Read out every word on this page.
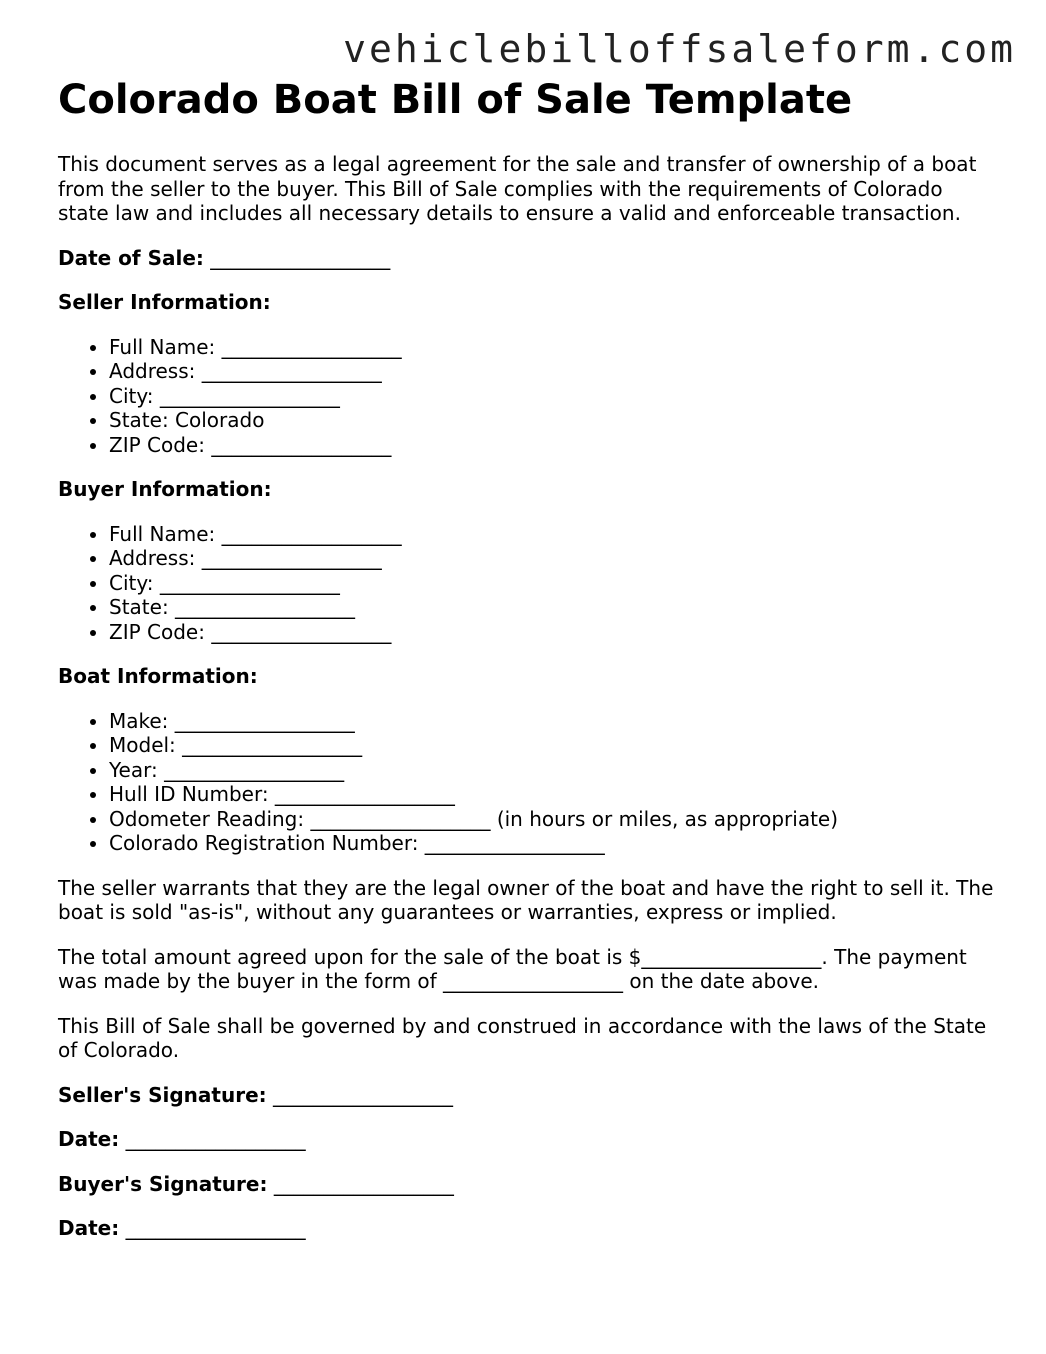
vehiclebilloffsaleform.com
Colorado Boat Bill of Sale Template

This document serves as a legal agreement for the sale and transfer of ownership of a boat from the seller to the buyer. This Bill of Sale complies with the requirements of Colorado state law and includes all necessary details to ensure a valid and enforceable transaction.

Date of Sale: __________________

Seller Information:

• Full Name: __________________
• Address: __________________
• City: __________________
• State: Colorado
• ZIP Code: __________________

Buyer Information:

• Full Name: __________________
• Address: __________________
• City: __________________
• State: __________________
• ZIP Code: __________________

Boat Information:

• Make: __________________
• Model: __________________
• Year: __________________
• Hull ID Number: __________________
• Odometer Reading: __________________ (in hours or miles, as appropriate)
• Colorado Registration Number: __________________

The seller warrants that they are the legal owner of the boat and have the right to sell it. The boat is sold "as-is", without any guarantees or warranties, express or implied.

The total amount agreed upon for the sale of the boat is $__________________. The payment was made by the buyer in the form of __________________ on the date above.

This Bill of Sale shall be governed by and construed in accordance with the laws of the State of Colorado.

Seller's Signature: __________________

Date: __________________

Buyer's Signature: __________________

Date: __________________
